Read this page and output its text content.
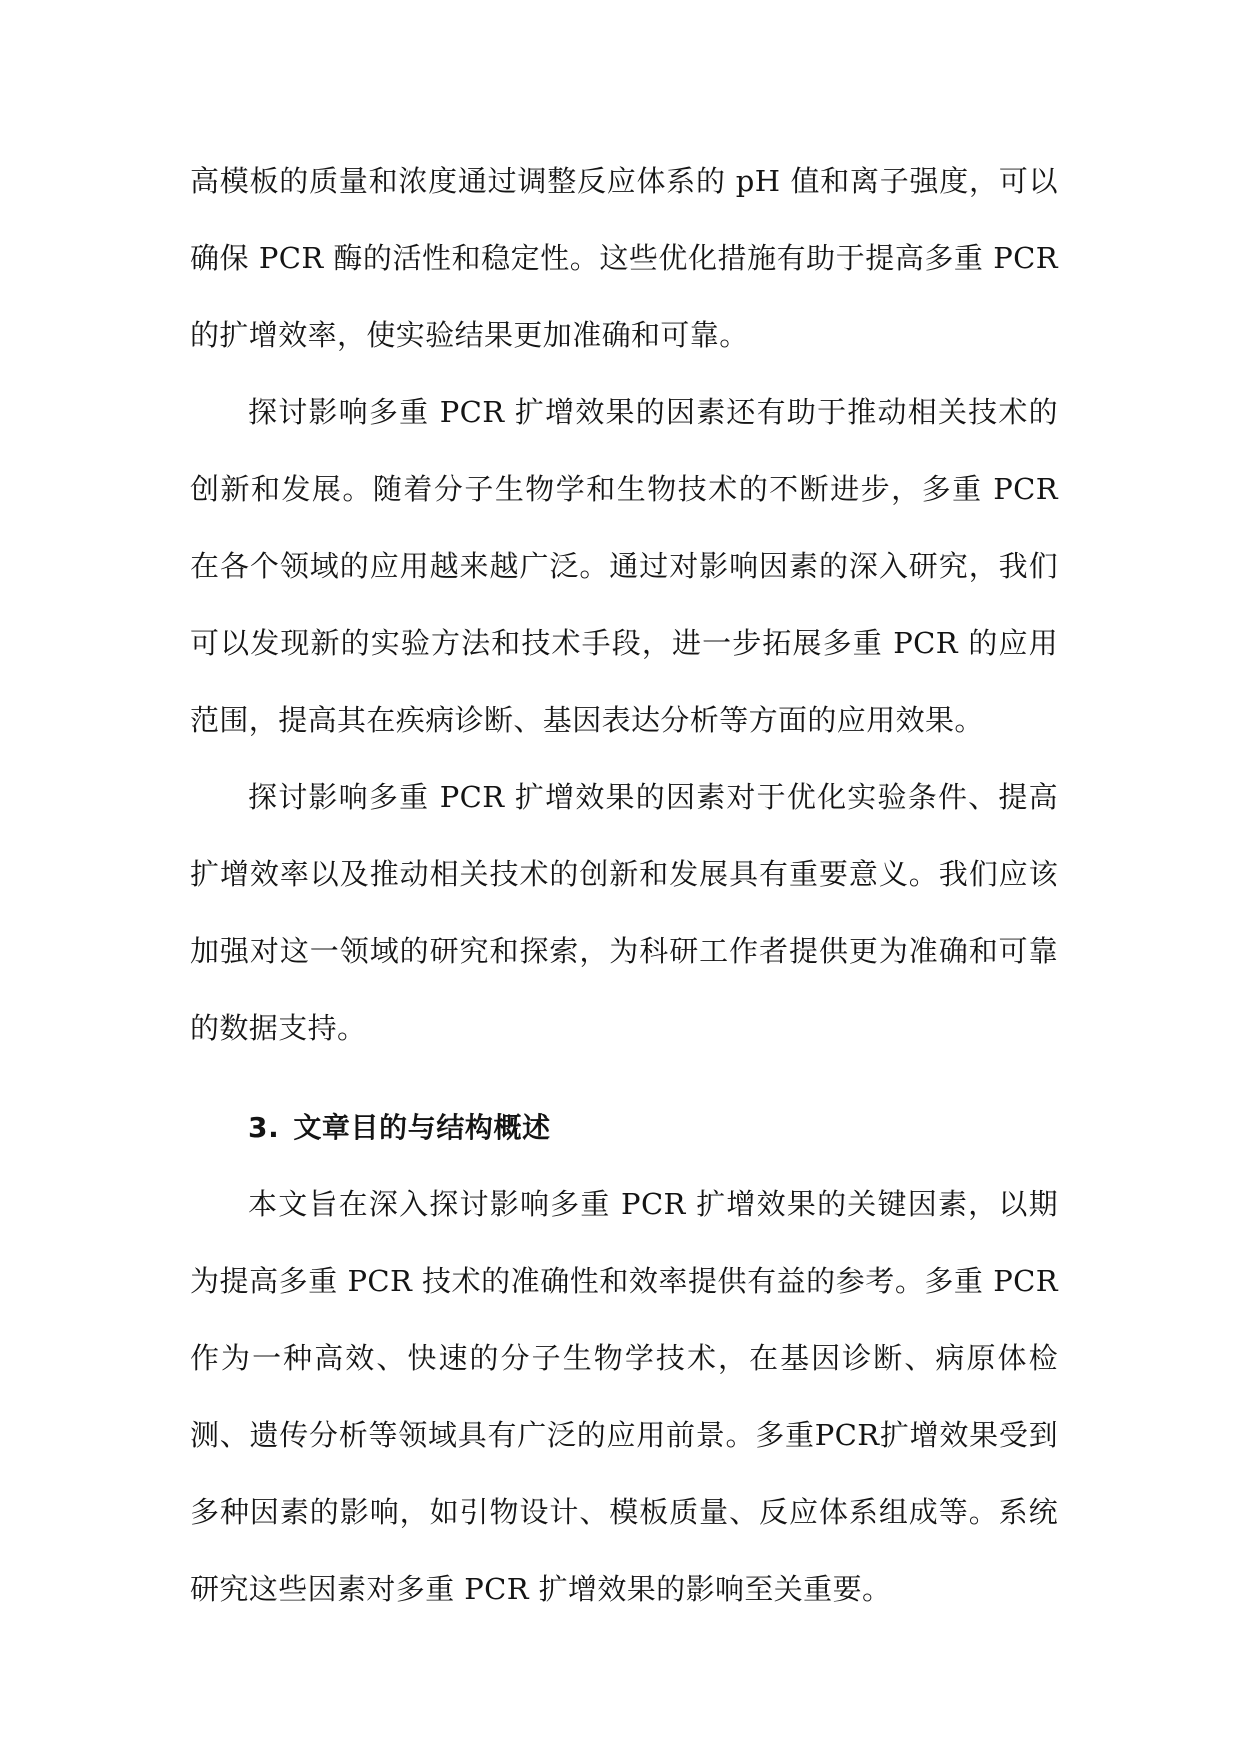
高模板的质量和浓度通过调整反应体系的 pH 值和离子强度，可以确保 PCR 酶的活性和稳定性。这些优化措施有助于提高多重 PCR 的扩增效率，使实验结果更加准确和可靠。

探讨影响多重 PCR 扩增效果的因素还有助于推动相关技术的创新和发展。随着分子生物学和生物技术的不断进步，多重 PCR 在各个领域的应用越来越广泛。通过对影响因素的深入研究，我们可以发现新的实验方法和技术手段，进一步拓展多重 PCR 的应用范围，提高其在疾病诊断、基因表达分析等方面的应用效果。

探讨影响多重 PCR 扩增效果的因素对于优化实验条件、提高扩增效率以及推动相关技术的创新和发展具有重要意义。我们应该加强对这一领域的研究和探索，为科研工作者提供更为准确和可靠的数据支持。

3. 文章目的与结构概述

本文旨在深入探讨影响多重 PCR 扩增效果的关键因素，以期为提高多重 PCR 技术的准确性和效率提供有益的参考。多重 PCR 作为一种高效、快速的分子生物学技术，在基因诊断、病原体检测、遗传分析等领域具有广泛的应用前景。多重PCR扩增效果受到多种因素的影响，如引物设计、模板质量、反应体系组成等。系统研究这些因素对多重 PCR 扩增效果的影响至关重要。
